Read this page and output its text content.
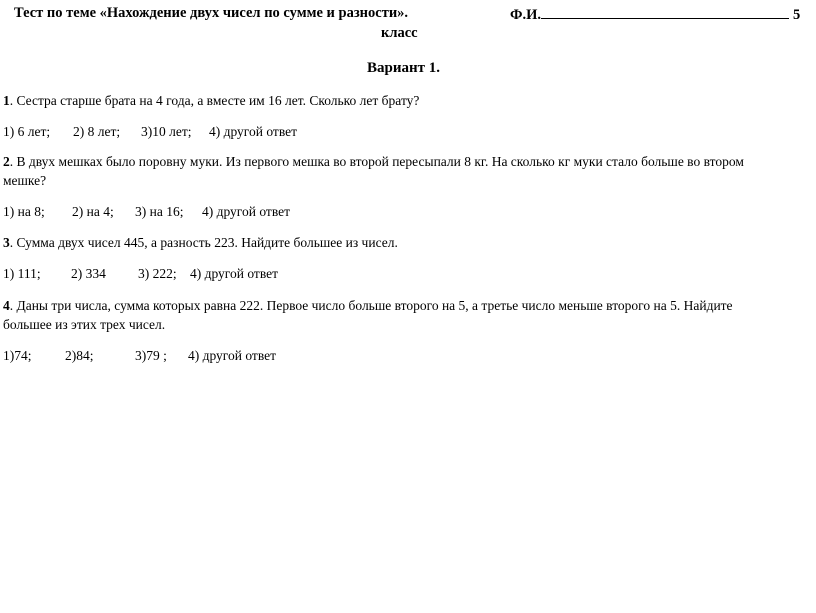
Тест по теме «Нахождение двух чисел по сумме и разности».	Ф.И.	5
класс
Вариант 1.
1. Сестра старше брата на 4 года, а вместе им 16 лет. Сколько лет брату?
1) 6 лет; 2) 8 лет; 3)10 лет; 4) другой ответ
2. В двух мешках было поровну муки. Из первого мешка во второй пересыпали 8 кг. На сколько кг муки стало больше во втором
мешке?
1) на 8; 2) на 4; 3) на 16; 4) другой ответ
3. Сумма двух чисел 445, а разность 223. Найдите большее из чисел.
1) 111; 2) 334 3) 222; 4) другой ответ
4. Даны три числа, сумма которых равна 222. Первое число больше второго на 5, а третье число меньше второго на 5. Найдите
большее из этих трех чисел.
1)74; 2)84;	3)79 ; 4) другой ответ
